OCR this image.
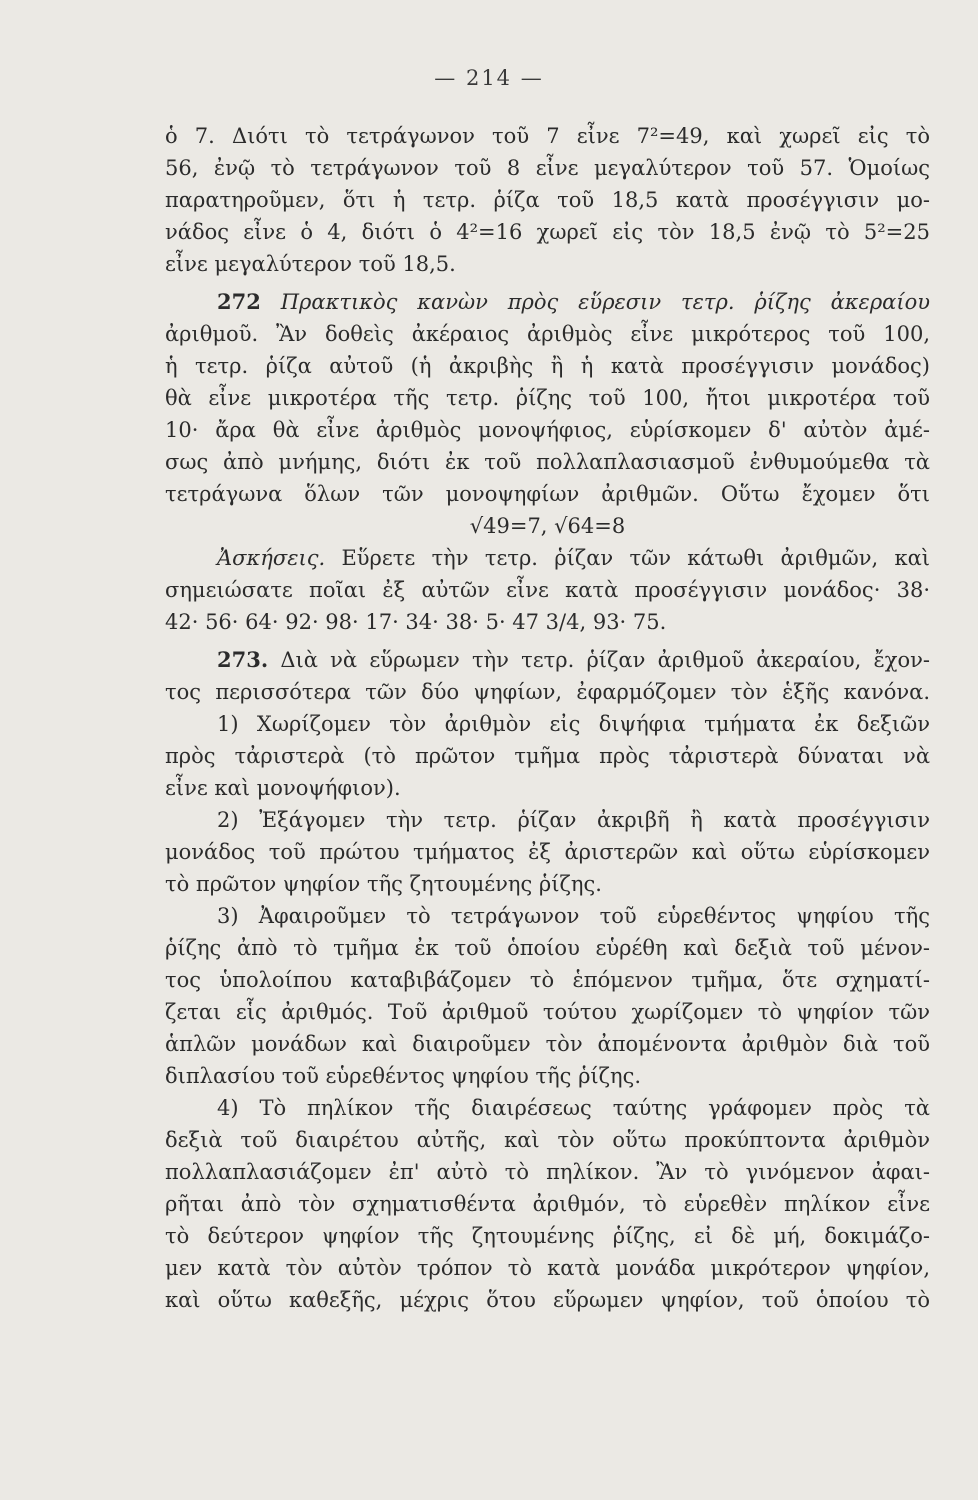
— 214 —
ὁ 7. Διότι τὸ τετράγωνον τοῦ 7 εἶνε 7²=49, καὶ χωρεῖ εἰς τὸ
56, ἐνῷ τὸ τετράγωνον τοῦ 8 εἶνε μεγαλύτερον τοῦ 57. Ὁμοίως
παρατηροῦμεν, ὅτι ἡ τετρ. ῥίζα τοῦ 18,5 κατὰ προσέγγισιν μο-
νάδος εἶνε ὁ 4, διότι ὁ 4²=16 χωρεῖ εἰς τὸν 18,5 ἐνῷ τὸ 5²=25
εἶνε μεγαλύτερον τοῦ 18,5.
272 Πρακτικὸς κανὼν πρὸς εὕρεσιν τετρ. ῥίζης ἀκεραίου
ἀριθμοῦ. Ἂν δοθεὶς ἀκέραιος ἀριθμὸς εἶνε μικρότερος τοῦ 100,
ἡ τετρ. ῥίζα αὐτοῦ (ἡ ἀκριβὴς ἢ ἡ κατὰ προσέγγισιν μονάδος)
θὰ εἶνε μικροτέρα τῆς τετρ. ῥίζης τοῦ 100, ἤτοι μικροτέρα τοῦ
10· ἄρα θὰ εἶνε ἀριθμὸς μονοψήφιος, εὑρίσκομεν δ' αὐτὸν ἀμέ-
σως ἀπὸ μνήμης, διότι ἐκ τοῦ πολλαπλασιασμοῦ ἐνθυμούμεθα τὰ
τετράγωνα ὅλων τῶν μονοψηφίων ἀριθμῶν. Οὕτω ἔχομεν ὅτι
√49=7, √64=8
Ἀσκήσεις. Εὕρετε τὴν τετρ. ῥίζαν τῶν κάτωθι ἀριθμῶν, καὶ
σημειώσατε ποῖαι ἐξ αὐτῶν εἶνε κατὰ προσέγγισιν μονάδος· 38·
42· 56· 64· 92· 98· 17· 34· 38· 5· 47 3/4, 93· 75.
273. Διὰ νὰ εὕρωμεν τὴν τετρ. ῥίζαν ἀριθμοῦ ἀκεραίου, ἔχον-
τος περισσότερα τῶν δύο ψηφίων, ἐφαρμόζομεν τὸν ἑξῆς κανόνα.
1) Χωρίζομεν τὸν ἀριθμὸν εἰς διψήφια τμήματα ἐκ δεξιῶν
πρὸς τἀριστερὰ (τὸ πρῶτον τμῆμα πρὸς τἀριστερὰ δύναται νὰ
εἶνε καὶ μονοψήφιον).
2) Ἐξάγομεν τὴν τετρ. ῥίζαν ἀκριβῆ ἢ κατὰ προσέγγισιν
μονάδος τοῦ πρώτου τμήματος ἐξ ἀριστερῶν καὶ οὕτω εὑρίσκομεν
τὸ πρῶτον ψηφίον τῆς ζητουμένης ῥίζης.
3) Ἀφαιροῦμεν τὸ τετράγωνον τοῦ εὑρεθέντος ψηφίου τῆς
ῥίζης ἀπὸ τὸ τμῆμα ἐκ τοῦ ὁποίου εὑρέθη καὶ δεξιὰ τοῦ μένον-
τος ὑπολοίπου καταβιβάζομεν τὸ ἑπόμενον τμῆμα, ὅτε σχηματί-
ζεται εἷς ἀριθμός. Τοῦ ἀριθμοῦ τούτου χωρίζομεν τὸ ψηφίον τῶν
ἁπλῶν μονάδων καὶ διαιροῦμεν τὸν ἀπομένοντα ἀριθμὸν διὰ τοῦ
διπλασίου τοῦ εὑρεθέντος ψηφίου τῆς ῥίζης.
4) Τὸ πηλίκον τῆς διαιρέσεως ταύτης γράφομεν πρὸς τὰ
δεξιὰ τοῦ διαιρέτου αὐτῆς, καὶ τὸν οὕτω προκύπτοντα ἀριθμὸν
πολλαπλασιάζομεν ἐπ' αὐτὸ τὸ πηλίκον. Ἂν τὸ γινόμενον ἀφαι-
ρῆται ἀπὸ τὸν σχηματισθέντα ἀριθμόν, τὸ εὑρεθὲν πηλίκον εἶνε
τὸ δεύτερον ψηφίον τῆς ζητουμένης ῥίζης, εἰ δὲ μή, δοκιμάζο-
μεν κατὰ τὸν αὐτὸν τρόπον τὸ κατὰ μονάδα μικρότερον ψηφίον,
καὶ οὕτω καθεξῆς, μέχρις ὅτου εὕρωμεν ψηφίον, τοῦ ὁποίου τὸ
